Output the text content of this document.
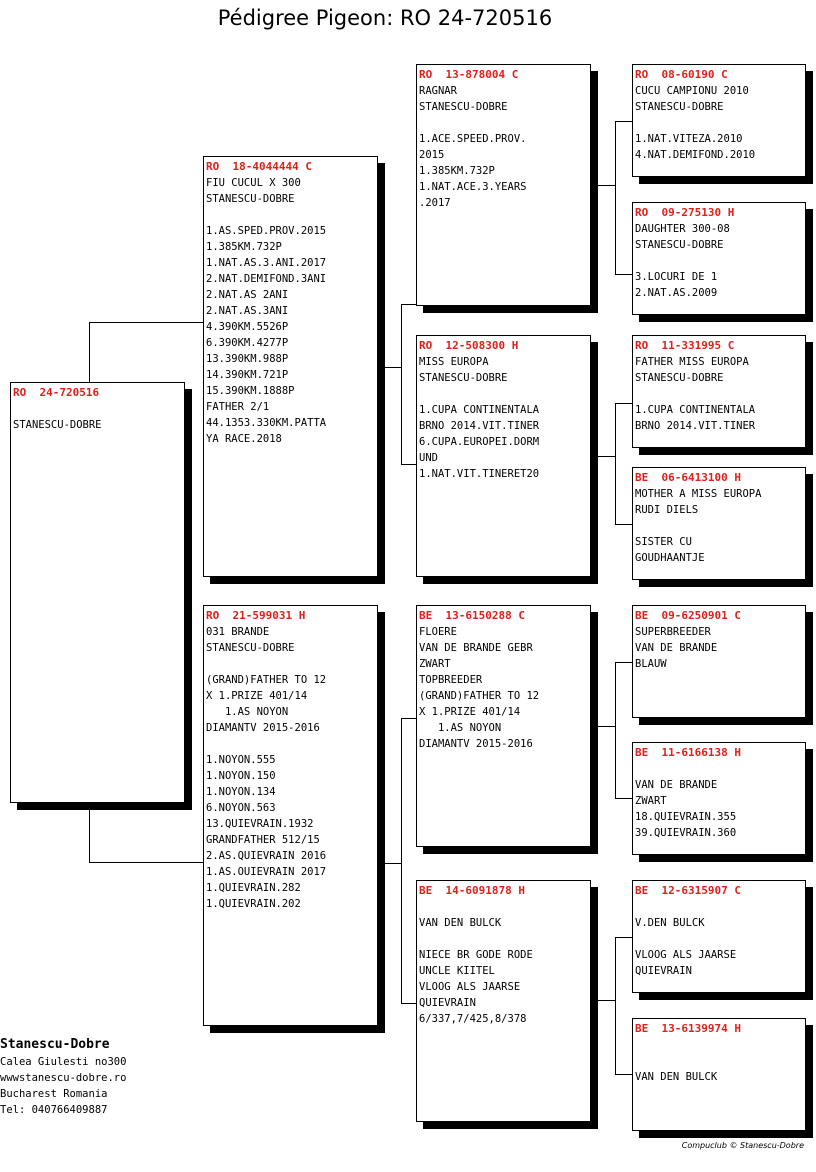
Pédigree Pigeon: RO 24-720516
RO  24-720516
STANESCU-DOBRE
RO  18-4044444 C
FIU CUCUL X 300
STANESCU-DOBRE
1.AS.SPED.PROV.2015
1.385KM.732P
1.NAT.AS.3.ANI.2017
2.NAT.DEMIFOND.3ANI
2.NAT.AS 2ANI
2.NAT.AS.3ANI
4.390KM.5526P
6.390KM.4277P
13.390KM.988P
14.390KM.721P
15.390KM.1888P
FATHER 2/1
44.1353.330KM.PATTA
YA RACE.2018
RO  21-599031 H
031 BRANDE
STANESCU-DOBRE
(GRAND)FATHER TO 12
X 1.PRIZE 401/14
1.AS NOYON
DIAMANTV 2015-2016
1.NOYON.555
1.NOYON.150
1.NOYON.134
6.NOYON.563
13.QUIEVRAIN.1932
GRANDFATHER 512/15
2.AS.QUIEVRAIN 2016
1.AS.OUIEVRAIN 2017
1.QUIEVRAIN.282
1.QUIEVRAIN.202
RO  13-878004 C
RAGNAR
STANESCU-DOBRE
1.ACE.SPEED.PROV.
2015
1.385KM.732P
1.NAT.ACE.3.YEARS
.2017
RO  12-508300 H
MISS EUROPA
STANESCU-DOBRE
1.CUPA CONTINENTALA
BRNO 2014.VIT.TINER
6.CUPA.EUROPEI.DORM
UND
1.NAT.VIT.TINERET20
BE  13-6150288 C
FLOERE
VAN DE BRANDE GEBR
ZWART
TOPBREEDER
(GRAND)FATHER TO 12
X 1.PRIZE 401/14
1.AS NOYON
DIAMANTV 2015-2016
BE  14-6091878 H
VAN DEN BULCK
NIECE BR GODE RODE
UNCLE KIITEL
VLOOG ALS JAARSE
QUIEVRAIN
6/337,7/425,8/378
RO  08-60190 C
CUCU CAMPIONU 2010
STANESCU-DOBRE
1.NAT.VITEZA.2010
4.NAT.DEMIFOND.2010
RO  09-275130 H
DAUGHTER 300-08
STANESCU-DOBRE
3.LOCURI DE 1
2.NAT.AS.2009
RO  11-331995 C
FATHER MISS EUROPA
STANESCU-DOBRE
1.CUPA CONTINENTALA
BRNO 2014.VIT.TINER
BE  06-6413100 H
MOTHER A MISS EUROPA
RUDI DIELS
SISTER CU
GOUDHAANTJE
BE  09-6250901 C
SUPERBREEDER
VAN DE BRANDE
BLAUW
BE  11-6166138 H
VAN DE BRANDE
ZWART
18.QUIEVRAIN.355
39.QUIEVRAIN.360
BE  12-6315907 C
V.DEN BULCK
VLOOG ALS JAARSE
QUIEVRAIN
BE  13-6139974 H
VAN DEN BULCK
Stanescu-Dobre
Calea Giulesti no300
wwwstanescu-dobre.ro
Bucharest Romania
Tel: 040766409887
Compuclub © Stanescu-Dobre
